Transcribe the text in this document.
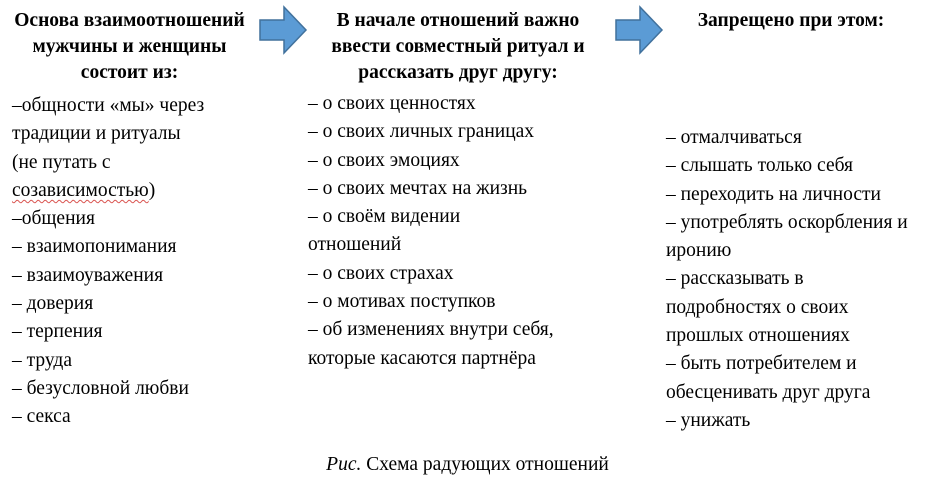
Основа взаимоотношений мужчины и женщины состоит из:

–общности «мы» через
традиции и ритуалы
(не путать с
созависимостью)
–общения
– взаимопонимания
– взаимоуважения
– доверия
– терпения
– труда
– безусловной любви
– секса

В начале отношений важно ввести совместный ритуал и рассказать друг другу:

– о своих ценностях
– о своих личных границах
– о своих эмоциях
– о своих мечтах на жизнь
– о своём видении отношений
– о своих страхах
– о мотивах поступков
– об изменениях внутри себя, которые касаются партнёра

Запрещено при этом:

– отмалчиваться
– слышать только себя
– переходить на личности
– употреблять оскорбления и иронию
– рассказывать в подробностях о своих прошлых отношениях
– быть потребителем и обесценивать друг друга
– унижать
Рис. Схема радующих отношений
